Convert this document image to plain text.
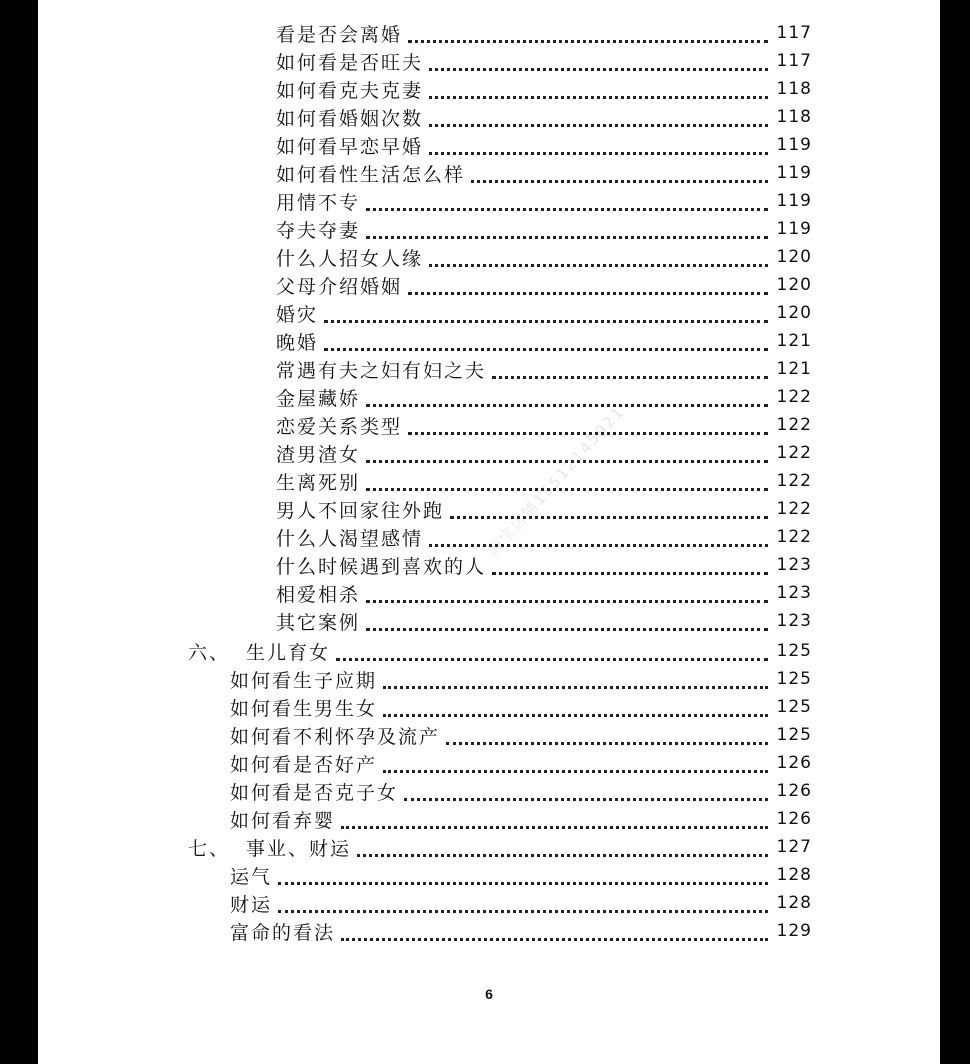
看是否会离婚	117
如何看是否旺夫	117
如何看克夫克妻	118
如何看婚姻次数	118
如何看早恋早婚	119
如何看性生活怎么样	119
用情不专	119
夺夫夺妻	119
什么人招女人缘	120
父母介绍婚姻	120
婚灾	120
晚婚	121
常遇有夫之妇有妇之夫	121
金屋藏娇	122
恋爱关系类型	122
渣男渣女	122
生离死别	122
男人不回家往外跑	122
什么人渴望感情	122
什么时候遇到喜欢的人	123
相爱相杀	123
其它案例	123
六、 生儿育女	125
如何看生子应期	125
如何看生男生女	125
如何看不利怀孕及流产	125
如何看是否好产	126
如何看是否克子女	126
如何看弃婴	126
七、 事业、财运	127
运气	128
财运	128
富命的看法	129
淘宝店铺15512145921
6
